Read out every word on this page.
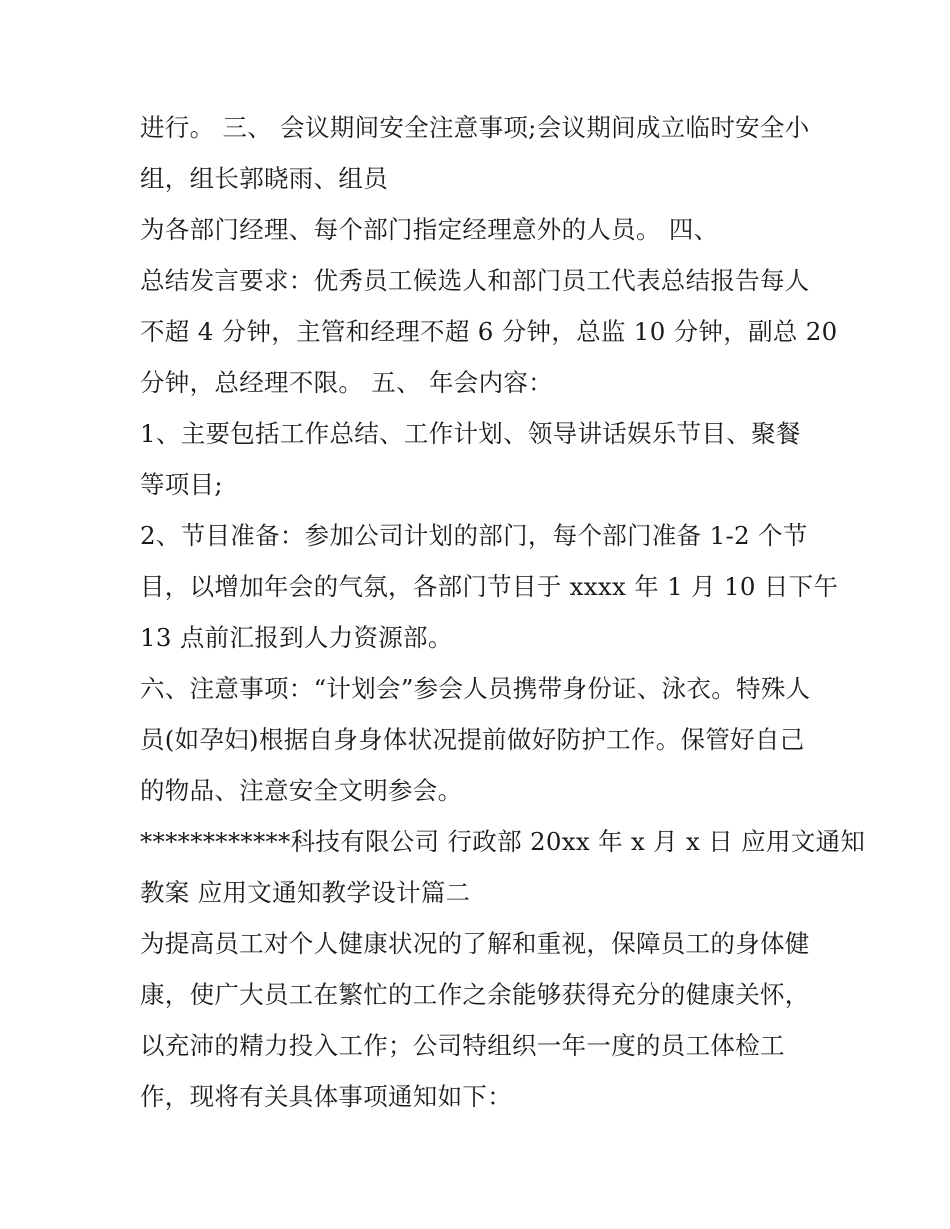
进行。 三、 会议期间安全注意事项;会议期间成立临时安全小
组，组长郭晓雨、组员
为各部门经理、每个部门指定经理意外的人员。 四、
总结发言要求：优秀员工候选人和部门员工代表总结报告每人
不超 4 分钟，主管和经理不超 6 分钟，总监 10 分钟，副总 20
分钟，总经理不限。 五、 年会内容：
1、主要包括工作总结、工作计划、领导讲话娱乐节目、聚餐
等项目;
2、节目准备：参加公司计划的部门，每个部门准备 1-2 个节
目，以增加年会的气氛，各部门节目于 xxxx 年 1 月 10 日下午
13 点前汇报到人力资源部。
六、注意事项：“计划会”参会人员携带身份证、泳衣。特殊人
员(如孕妇)根据自身身体状况提前做好防护工作。保管好自己
的物品、注意安全文明参会。
************科技有限公司 行政部 20xx 年 x 月 x 日 应用文通知
教案 应用文通知教学设计篇二
为提高员工对个人健康状况的了解和重视，保障员工的身体健
康，使广大员工在繁忙的工作之余能够获得充分的健康关怀，
以充沛的精力投入工作；公司特组织一年一度的员工体检工
作，现将有关具体事项通知如下：
